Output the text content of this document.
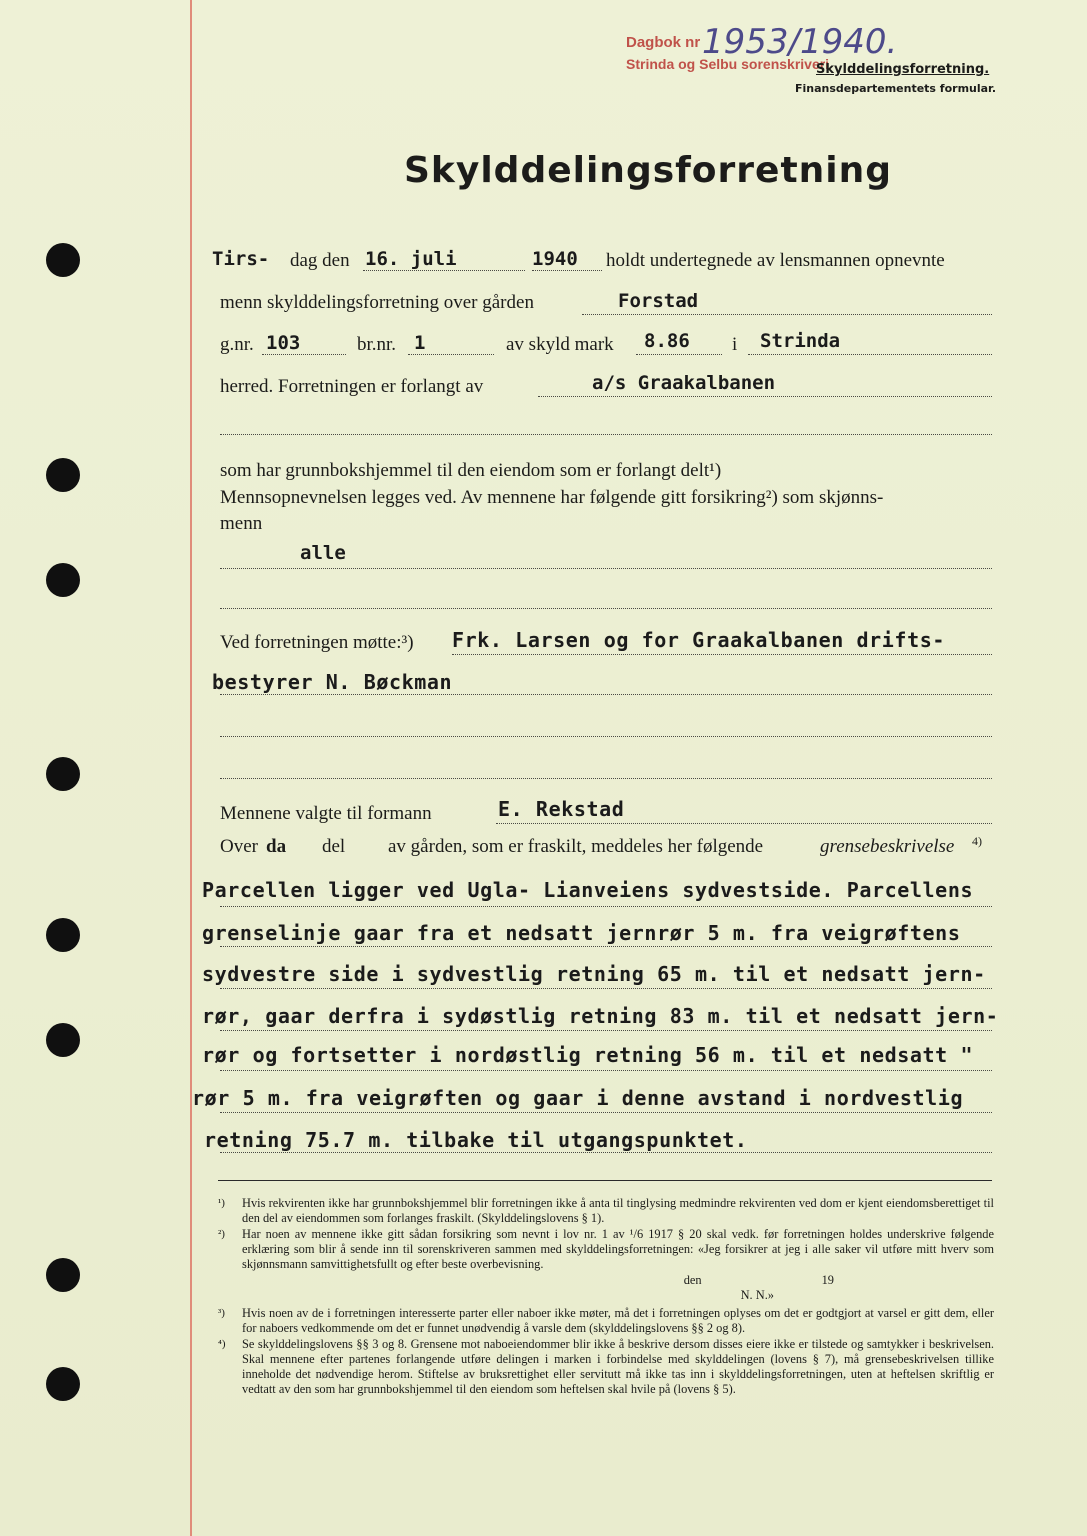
Dagbok nr
Strinda og Selbu sorenskriveri
1953/1940.
Skylddelingsforretning.
Finansdepartementets formular.
Skylddelingsforretning
Tirs- dag den 16. juli	1940 holdt undertegnede av lensmannen opnevnte
menn skylddelingsforretning over gården	Forstad
g.nr. 103	br.nr. 1	av skyld mark 8.86 i Strinda
herred. Forretningen er forlangt av	a/s Graakalbanen
som har grunnbokshjemmel til den eiendom som er forlangt delt¹)
Mennsopnevnelsen legges ved. Av mennene har følgende gitt forsikring²) som skjønns-
menn
alle
Ved forretningen møtte:³) Frk. Larsen og for Graakalbanen drifts-
bestyrer N. Bøckman
Mennene valgte til formann	E. Rekstad
Over da del av gården, som er fraskilt, meddeles her følgende	grensebeskrivelse 4)
Parcellen ligger ved Ugla- Lianveiens sydvestside. Parcellens
grenselinje gaar fra et nedsatt jernrør 5 m. fra veigrøftens
sydvestre side i sydvestlig retning 65 m. til et nedsatt jern-
rør, gaar derfra i sydøstlig retning 83 m. til et nedsatt jern-
rør og fortsetter i nordøstlig retning 56 m. til et nedsatt "
rør 5 m. fra veigrøften og gaar i denne avstand i nordvestlig
retning 75.7 m. tilbake til utgangspunktet.
¹)	Hvis rekvirenten ikke har grunnbokshjemmel blir forretningen ikke å anta til tinglysing medmindre rekvirenten ved dom er kjent eiendomsberettiget til den del av eiendommen som forlanges fraskilt. (Skylddelingslovens § 1).
²)	Har noen av mennene ikke gitt sådan forsikring som nevnt i lov nr. 1 av ¹/6 1917 § 20 skal vedk. før forretningen holdes underskrive følgende erklæring som blir å sende inn til sorenskriveren sammen med skylddelingsforretningen: «Jeg forsikrer at jeg i alle saker vil utføre mitt hverv som skjønnsmann samvittighetsfullt og efter beste overbevisning.
den	19
N. N.»
³)	Hvis noen av de i forretningen interesserte parter eller naboer ikke møter, må det i forretningen oplyses om det er godtgjort at varsel er gitt dem, eller for naboers vedkommende om det er funnet unødvendig å varsle dem (skylddelingslovens §§ 2 og 8).
⁴)	Se skylddelingslovens §§ 3 og 8. Grensene mot naboeiendommer blir ikke å beskrive dersom disses eiere ikke er tilstede og samtykker i beskrivelsen. Skal mennene efter partenes forlangende utføre delingen i marken i forbindelse med skylddelingen (lovens § 7), må grensebeskrivelsen tillike inneholde det nødvendige herom. Stiftelse av bruksrettighet eller servitutt må ikke tas inn i skylddelingsforretningen, uten at heftelsen skriftlig er vedtatt av den som har grunnbokshjemmel til den eiendom som heftelsen skal hvile på (lovens § 5).
